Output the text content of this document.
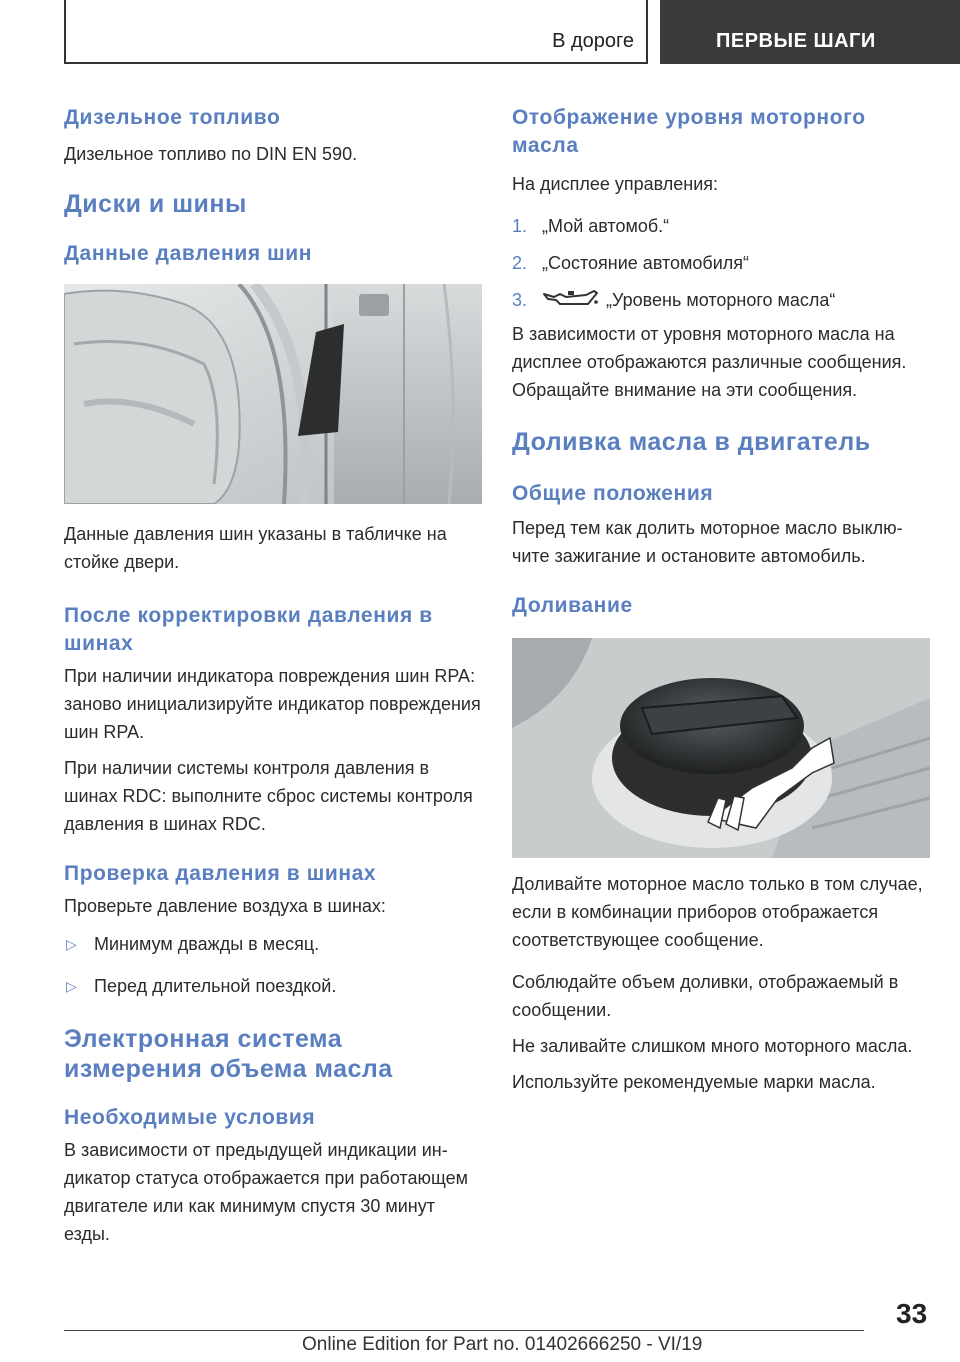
В дороге	ПЕРВЫЕ ШАГИ
Дизельное топливо

Дизельное топливо по DIN EN 590.

Диски и шины
Данные давления шин

Данные давления шин указаны в табличке на стойке двери.

После корректировки давления в шинах

При наличии индикатора повреждения шин RPA: заново инициализируйте индикатор повреждения шин RPA.

При наличии системы контроля давления в шинах RDC: выполните сброс системы контроля давления в шинах RDC.

Проверка давления в шинах

Проверьте давление воздуха в шинах:

▷ Минимум дважды в месяц.
▷ Перед длительной поездкой.
Электронная система измерения объема масла
Необходимые условия

В зависимости от предыдущей индикации индикатор статуса отображается при работающем двигателе или как минимум спустя 30 минут езды.

Отображение уровня моторного масла

На дисплее управления:

1. „Мой автомоб.“
2. „Состояние автомобиля“
3.	„Уровень моторного масла“

В зависимости от уровня моторного масла на дисплее отображаются различные сообщения. Обращайте внимание на эти сообщения.

Доливка масла в двигатель
Общие положения

Перед тем как долить моторное масло выключите зажигание и остановите автомобиль.

Доливание

Доливайте моторное масло только в том случае, если в комбинации приборов отображается соответствующее сообщение.

Соблюдайте объем доливки, отображаемый в сообщении.

Не заливайте слишком много моторного масла.

Используйте рекомендуемые марки масла.

33
Online Edition for Part no. 01402666250 - VI/19
